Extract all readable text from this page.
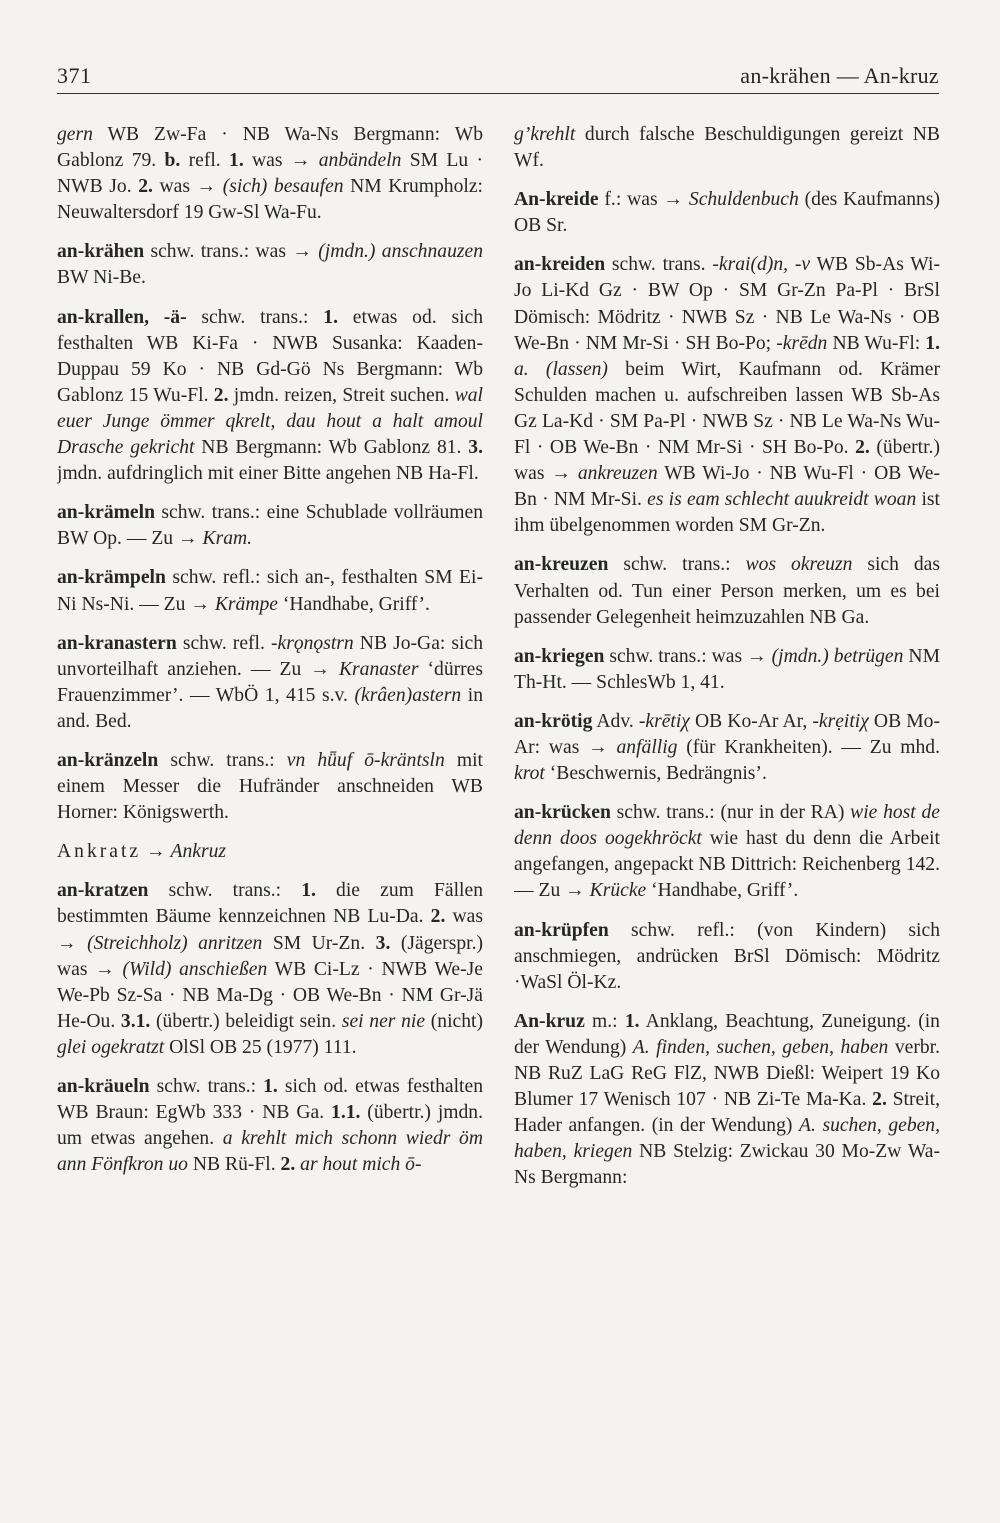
371	an-krähen — An-kruz

gern WB Zw-Fa · NB Wa-Ns Bergmann: Wb Gablonz 79. b. refl. 1. was → anbändeln SM Lu · NWB Jo. 2. was → (sich) besaufen NM Krumpholz: Neuwaltersdorf 19 Gw-Sl Wa-Fu.

an-krähen schw. trans.: was → (jmdn.) anschnauzen BW Ni-Be.

an-krallen, -ä- schw. trans.: 1. etwas od. sich festhalten WB Ki-Fa · NWB Susanka: Kaaden-Duppau 59 Ko · NB Gd-Gö Ns Bergmann: Wb Gablonz 15 Wu-Fl. 2. jmdn. reizen, Streit suchen. wal euer Junge ömmer qkrelt, dau hout a halt amoul Drasche gekricht NB Bergmann: Wb Gablonz 81. 3. jmdn. aufdringlich mit einer Bitte angehen NB Ha-Fl.

an-krämeln schw. trans.: eine Schublade vollräumen BW Op. — Zu → Kram.

an-krämpeln schw. refl.: sich an-, festhalten SM Ei-Ni Ns-Ni. — Zu → Krämpe ‘Handhabe, Griff’.

an-kranastern schw. refl. -krǫnǫstrn NB Jo-Ga: sich unvorteilhaft anziehen. — Zu → Kranaster ‘dürres Frauenzimmer’. — WbÖ 1, 415 s.v. (krâen)astern in and. Bed.

an-kränzeln schw. trans.: vn hǖuf ō-kräntsln mit einem Messer die Hufränder anschneiden WB Horner: Königswerth.

Ankratz → Ankruz

an-kratzen schw. trans.: 1. die zum Fällen bestimmten Bäume kennzeichnen NB Lu-Da. 2. was → (Streichholz) anritzen SM Ur-Zn. 3. (Jägerspr.) was → (Wild) anschießen WB Ci-Lz · NWB We-Je We-Pb Sz-Sa · NB Ma-Dg · OB We-Bn · NM Gr-Jä He-Ou. 3.1. (übertr.) beleidigt sein. sei ner nie (nicht) glei ogekratzt OlSl OB 25 (1977) 111.

an-kräueln schw. trans.: 1. sich od. etwas festhalten WB Braun: EgWb 333 · NB Ga. 1.1. (übertr.) jmdn. um etwas angehen. a krehlt mich schonn wiedr öm ann Fönfkron uo NB Rü-Fl. 2. ar hout mich ō-

g’krehlt durch falsche Beschuldigungen gereizt NB Wf.

An-kreide f.: was → Schuldenbuch (des Kaufmanns) OB Sr.

an-kreiden schw. trans. -krai(d)n, -v WB Sb-As Wi-Jo Li-Kd Gz · BW Op · SM Gr-Zn Pa-Pl · BrSl Dömisch: Mödritz · NWB Sz · NB Le Wa-Ns · OB We-Bn · NM Mr-Si · SH Bo-Po; -krēdn NB Wu-Fl: 1. a. (lassen) beim Wirt, Kaufmann od. Krämer Schulden machen u. aufschreiben lassen WB Sb-As Gz La-Kd · SM Pa-Pl · NWB Sz · NB Le Wa-Ns Wu-Fl · OB We-Bn · NM Mr-Si · SH Bo-Po. 2. (übertr.) was → ankreuzen WB Wi-Jo · NB Wu-Fl · OB We-Bn · NM Mr-Si. es is eam schlecht auukreidt woan ist ihm übelgenommen worden SM Gr-Zn.

an-kreuzen schw. trans.: wos okreuzn sich das Verhalten od. Tun einer Person merken, um es bei passender Gelegenheit heimzuzahlen NB Ga.

an-kriegen schw. trans.: was → (jmdn.) betrügen NM Th-Ht. — SchlesWb 1, 41.

an-krötig Adv. -krētiχ OB Ko-Ar Ar, -krẹitiχ OB Mo-Ar: was → anfällig (für Krankheiten). — Zu mhd. krot ‘Beschwernis, Bedrängnis’.

an-krücken schw. trans.: (nur in der RA) wie host de denn doos oogekhröckt wie hast du denn die Arbeit angefangen, angepackt NB Dittrich: Reichenberg 142. — Zu → Krücke ‘Handhabe, Griff’.

an-krüpfen schw. refl.: (von Kindern) sich anschmiegen, andrücken BrSl Dömisch: Mödritz ·WaSl Öl-Kz.

An-kruz m.: 1. Anklang, Beachtung, Zuneigung. (in der Wendung) A. finden, suchen, geben, haben verbr. NB RuZ LaG ReG FlZ, NWB Dießl: Weipert 19 Ko Blumer 17 Wenisch 107 · NB Zi-Te Ma-Ka. 2. Streit, Hader anfangen. (in der Wendung) A. suchen, geben, haben, kriegen NB Stelzig: Zwickau 30 Mo-Zw Wa-Ns Bergmann:
